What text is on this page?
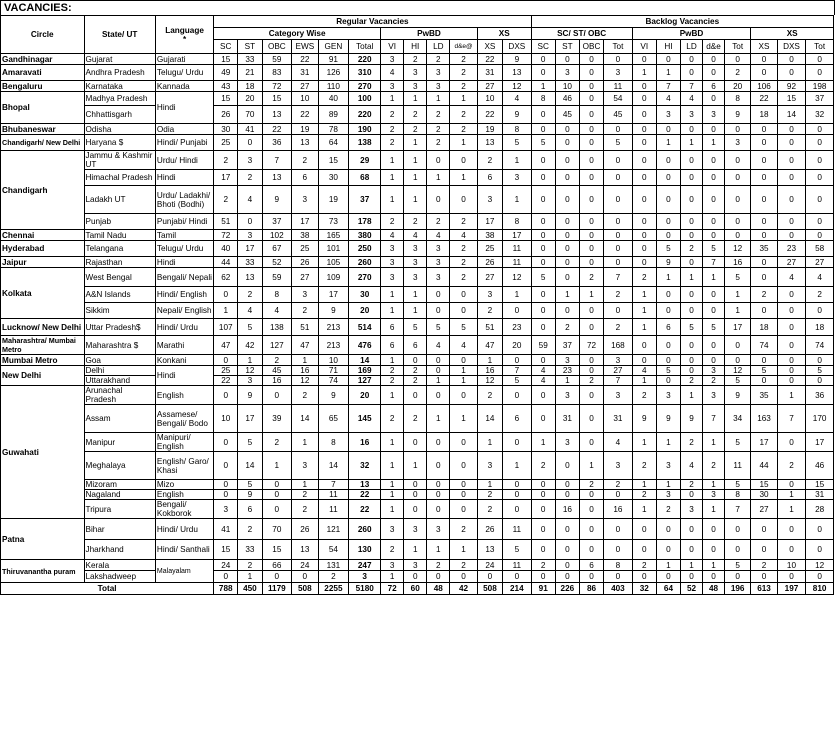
VACANCIES:
Circle	State/ UT	Language
*	Regular Vacancies												Backlog Vacancies											
			Category Wise						PwBD				XS		SC/ ST/ OBC				PwBD					XS		
			SC	ST	OBC	EWS	GEN	Total	VI	HI	LD	d&e@	XS	DXS	SC	ST	OBC	Tot	VI	HI	LD	d&e	Tot	XS	DXS	Tot
Gandhinagar	Gujarat	Gujarati	15	33	59	22	91	220	3	2	2	2	22	9	0	0	0	0	0	0	0	0	0	0	0	0
Amaravati	Andhra Pradesh	Telugu/ Urdu	49	21	83	31	126	310	4	3	3	2	31	13	0	3	0	3	1	1	0	0	2	0	0	0
Bengaluru	Karnataka	Kannada	43	18	72	27	110	270	3	3	3	2	27	12	1	10	0	11	0	7	7	6	20	106	92	198
Bhopal	Madhya Pradesh	Hindi	15	20	15	10	40	100	1	1	1	1	10	4	8	46	0	54	0	4	4	0	8	22	15	37
	Chhattisgarh		26	70	13	22	89	220	2	2	2	2	22	9	0	45	0	45	0	3	3	3	9	18	14	32
Bhubaneswar	Odisha	Odia	30	41	22	19	78	190	2	2	2	2	19	8	0	0	0	0	0	0	0	0	0	0	0	0
Chandigarh/ New Delhi	Haryana $	Hindi/ Punjabi	25	0	36	13	64	138	2	1	2	1	13	5	5	0	0	5	0	1	1	1	3	0	0	0
Chandigarh	Jammu & Kashmir UT	Urdu/ Hindi	2	3	7	2	15	29	1	1	0	0	2	1	0	0	0	0	0	0	0	0	0	0	0	0
	Himachal Pradesh	Hindi	17	2	13	6	30	68	1	1	1	1	6	3	0	0	0	0	0	0	0	0	0	0	0	0
	Ladakh UT	Urdu/ Ladakhi/ Bhoti (Bodhi)	2	4	9	3	19	37	1	1	0	0	3	1	0	0	0	0	0	0	0	0	0	0	0	0
	Punjab	Punjabi/ Hindi	51	0	37	17	73	178	2	2	2	2	17	8	0	0	0	0	0	0	0	0	0	0	0	0
Chennai	Tamil Nadu	Tamil	72	3	102	38	165	380	4	4	4	4	38	17	0	0	0	0	0	0	0	0	0	0	0	0
Hyderabad	Telangana	Telugu/ Urdu	40	17	67	25	101	250	3	3	3	2	25	11	0	0	0	0	0	5	2	5	12	35	23	58
Jaipur	Rajasthan	Hindi	44	33	52	26	105	260	3	3	3	2	26	11	0	0	0	0	0	9	0	7	16	0	27	27
Kolkata	West Bengal	Bengali/ Nepali	62	13	59	27	109	270	3	3	3	2	27	12	5	0	2	7	2	1	1	1	5	0	4	4
	A&N Islands	Hindi/ English	0	2	8	3	17	30	1	1	0	0	3	1	0	1	1	2	1	0	0	0	1	2	0	2
	Sikkim	Nepali/ English	1	4	4	2	9	20	1	1	0	0	2	0	0	0	0	0	1	0	0	0	1	0	0	0
Lucknow/ New Delhi	Uttar Pradesh$	Hindi/ Urdu	107	5	138	51	213	514	6	5	5	5	51	23	0	2	0	2	1	6	5	5	17	18	0	18
Maharashtra/ Mumbai Metro	Maharashtra $	Marathi	47	42	127	47	213	476	6	6	4	4	47	20	59	37	72	168	0	0	0	0	0	74	0	74
Mumbai Metro	Goa	Konkani	0	1	2	1	10	14	1	0	0	0	1	0	0	3	0	3	0	0	0	0	0	0	0	0
New Delhi	Delhi	Hindi	25	12	45	16	71	169	2	2	0	1	16	7	4	23	0	27	4	5	0	3	12	5	0	5
	Uttarakhand		22	3	16	12	74	127	2	2	1	1	12	5	4	1	2	7	1	0	2	2	5	0	0	0
Guwahati	Arunachal Pradesh	English	0	9	0	2	9	20	1	0	0	0	2	0	0	3	0	3	2	3	1	3	9	35	1	36
	Assam	Assamese/ Bengali/ Bodo	10	17	39	14	65	145	2	2	1	1	14	6	0	31	0	31	9	9	9	7	34	163	7	170
	Manipur	Manipuri/ English	0	5	2	1	8	16	1	0	0	0	1	0	1	3	0	4	1	1	2	1	5	17	0	17
	Meghalaya	English/ Garo/ Khasi	0	14	1	3	14	32	1	1	0	0	3	1	2	0	1	3	2	3	4	2	11	44	2	46
	Mizoram	Mizo	0	5	0	1	7	13	1	0	0	0	1	0	0	0	2	2	1	1	2	1	5	15	0	15
	Nagaland	English	0	9	0	2	11	22	1	0	0	0	2	0	0	0	0	0	2	3	0	3	8	30	1	31
	Tripura	Bengali/ Kokborok	3	6	0	2	11	22	1	0	0	0	2	0	0	16	0	16	1	2	3	1	7	27	1	28
Patna	Bihar	Hindi/ Urdu	41	2	70	26	121	260	3	3	3	2	26	11	0	0	0	0	0	0	0	0	0	0	0	0
	Jharkhand	Hindi/ Santhali	15	33	15	13	54	130	2	1	1	1	13	5	0	0	0	0	0	0	0	0	0	0	0	0
Thiruvanantha puram	Kerala	Malayalam	24	2	66	24	131	247	3	3	2	2	24	11	2	0	6	8	2	1	1	1	5	2	10	12
	Lakshadweep		0	1	0	0	2	3	1	0	0	0	0	0	0	0	0	0	0	0	0	0	0	0	0	0
Total			788	450	1179	508	2255	5180	72	60	48	42	508	214	91	226	86	403	32	64	52	48	196	613	197	810
